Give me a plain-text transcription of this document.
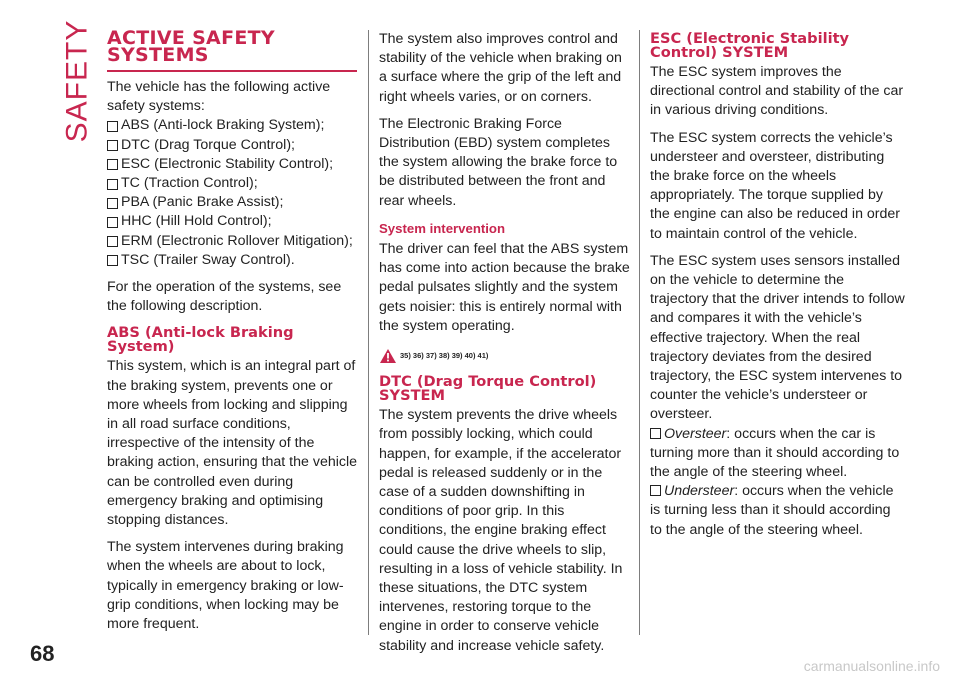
SAFETY ACTIVE SAFETY SYSTEMS

The vehicle has the following active safety systems:

ABS (Anti-lock Braking System);
DTC (Drag Torque Control);
ESC (Electronic Stability Control);
TC (Traction Control);
PBA (Panic Brake Assist);
HHC (Hill Hold Control);
ERM (Electronic Rollover Mitigation);
TSC (Trailer Sway Control).

For the operation of the systems, see the following description.

ABS (Anti-lock Braking System)

This system, which is an integral part of the braking system, prevents one or more wheels from locking and slipping in all road surface conditions, irrespective of the intensity of the braking action, ensuring that the vehicle can be controlled even during emergency braking and optimising stopping distances.

The system intervenes during braking when the wheels are about to lock, typically in emergency braking or low-grip conditions, when locking may be more frequent.

The system also improves control and stability of the vehicle when braking on a surface where the grip of the left and right wheels varies, or on corners.

The Electronic Braking Force Distribution (EBD) system completes the system allowing the brake force to be distributed between the front and rear wheels.

System intervention

The driver can feel that the ABS system has come into action because the brake pedal pulsates slightly and the system gets noisier: this is entirely normal with the system operating.

35) 36) 37) 38) 39) 40) 41)
DTC (Drag Torque Control) SYSTEM

The system prevents the drive wheels from possibly locking, which could happen, for example, if the accelerator pedal is released suddenly or in the case of a sudden downshifting in conditions of poor grip. In this conditions, the engine braking effect could cause the drive wheels to slip, resulting in a loss of vehicle stability. In these situations, the DTC system intervenes, restoring torque to the engine in order to conserve vehicle stability and increase vehicle safety.

ESC (Electronic Stability Control) SYSTEM

The ESC system improves the directional control and stability of the car in various driving conditions.

The ESC system corrects the vehicle’s understeer and oversteer, distributing the brake force on the wheels appropriately. The torque supplied by the engine can also be reduced in order to maintain control of the vehicle.

The ESC system uses sensors installed on the vehicle to determine the trajectory that the driver intends to follow and compares it with the vehicle’s effective trajectory. When the real trajectory deviates from the desired trajectory, the ESC system intervenes to counter the vehicle’s understeer or oversteer.

Oversteer: occurs when the car is turning more than it should according to the angle of the steering wheel.
Understeer: occurs when the vehicle is turning less than it should according to the angle of the steering wheel.
68	carmanualsonline.info
